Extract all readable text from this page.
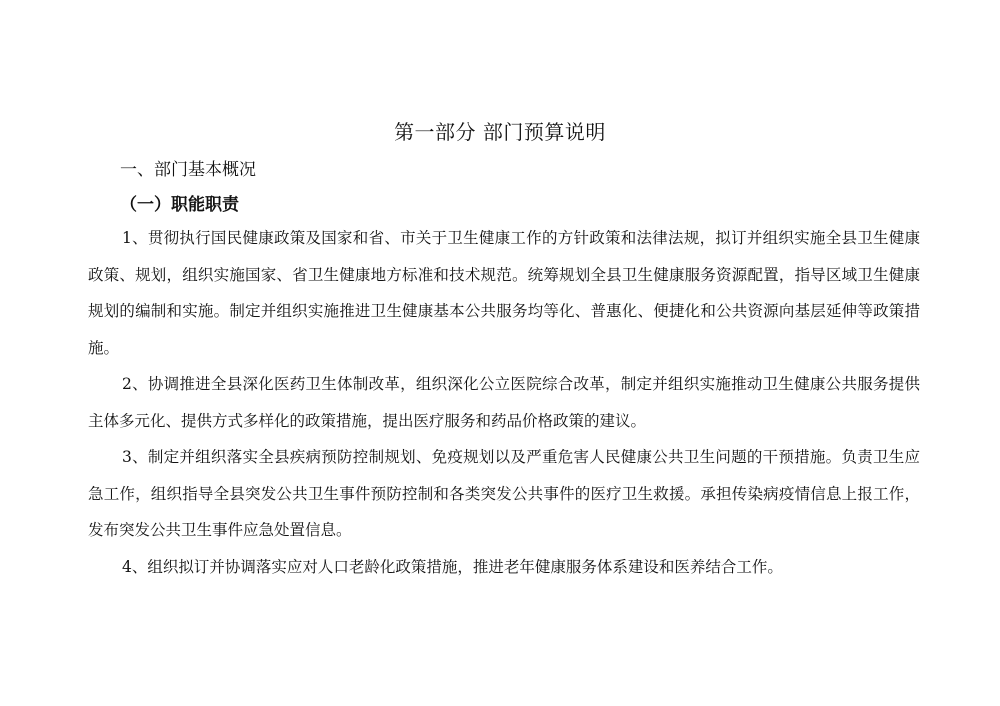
第一部分 部门预算说明
一、部门基本概况
（一）职能职责

1、贯彻执行国民健康政策及国家和省、市关于卫生健康工作的方针政策和法律法规，拟订并组织实施全县卫生健康政策、规划，组织实施国家、省卫生健康地方标准和技术规范。统筹规划全县卫生健康服务资源配置，指导区域卫生健康规划的编制和实施。制定并组织实施推进卫生健康基本公共服务均等化、普惠化、便捷化和公共资源向基层延伸等政策措施。

2、协调推进全县深化医药卫生体制改革，组织深化公立医院综合改革，制定并组织实施推动卫生健康公共服务提供主体多元化、提供方式多样化的政策措施，提出医疗服务和药品价格政策的建议。

3、制定并组织落实全县疾病预防控制规划、免疫规划以及严重危害人民健康公共卫生问题的干预措施。负责卫生应急工作，组织指导全县突发公共卫生事件预防控制和各类突发公共事件的医疗卫生救援。承担传染病疫情信息上报工作，发布突发公共卫生事件应急处置信息。

4、组织拟订并协调落实应对人口老龄化政策措施，推进老年健康服务体系建设和医养结合工作。
